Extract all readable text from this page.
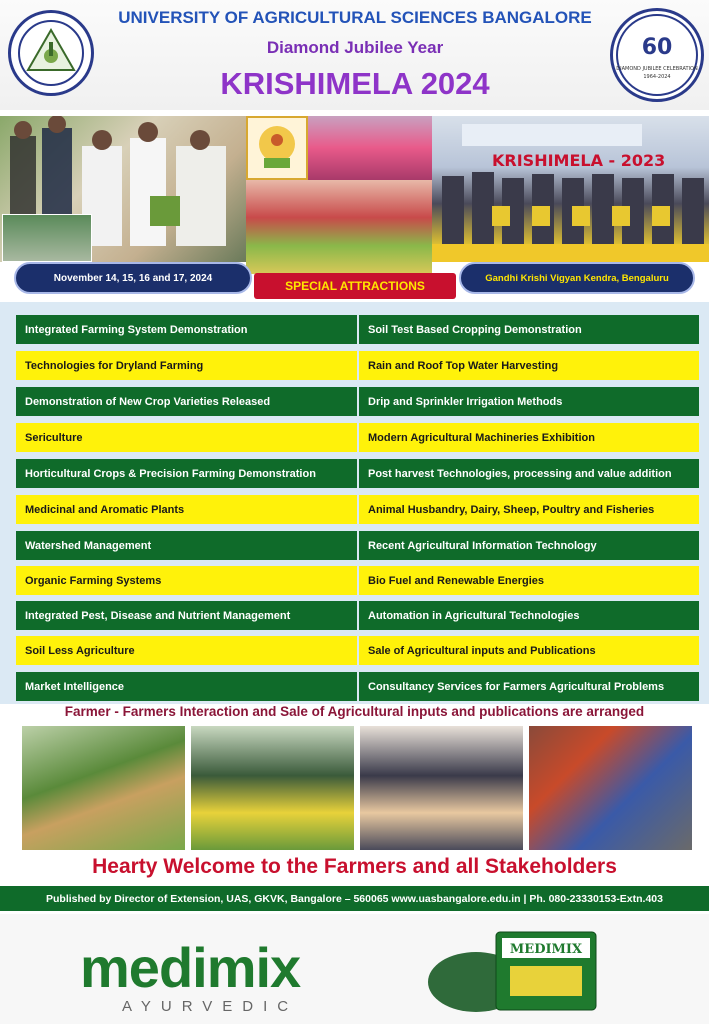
UNIVERSITY OF AGRICULTURAL SCIENCES BANGALORE
Diamond Jubilee Year
KRISHIMELA 2024
60
DIAMOND JUBILEE CELEBRATION
1964-2024
KRISHIMELA - 2023
November 14, 15, 16 and 17, 2024	Gandhi Krishi Vigyan Kendra, Bengaluru
SPECIAL ATTRACTIONS
Integrated Farming System Demonstration
Technologies for Dryland Farming
Demonstration of New Crop Varieties Released
Sericulture
Horticultural Crops & Precision Farming Demonstration
Medicinal and Aromatic Plants
Watershed Management
Organic Farming Systems
Integrated Pest, Disease and Nutrient Management
Soil Less Agriculture
Market Intelligence
Soil Test Based Cropping Demonstration
Rain and Roof Top Water Harvesting
Drip and Sprinkler Irrigation Methods
Modern Agricultural Machineries Exhibition
Post harvest Technologies, processing and value addition
Animal Husbandry, Dairy, Sheep, Poultry and Fisheries
Recent Agricultural Information Technology
Bio Fuel and Renewable Energies
Automation in Agricultural Technologies
Sale of Agricultural inputs and Publications
Consultancy Services for Farmers Agricultural Problems
Farmer - Farmers Interaction and Sale of Agricultural inputs and publications are arranged
Hearty Welcome to the Farmers and all Stakeholders
Published by Director of Extension, UAS, GKVK, Bangalore – 560065 www.uasbangalore.edu.in | Ph. 080-23330153-Extn.403
medimix
AYURVEDIC
MEDIMIX
